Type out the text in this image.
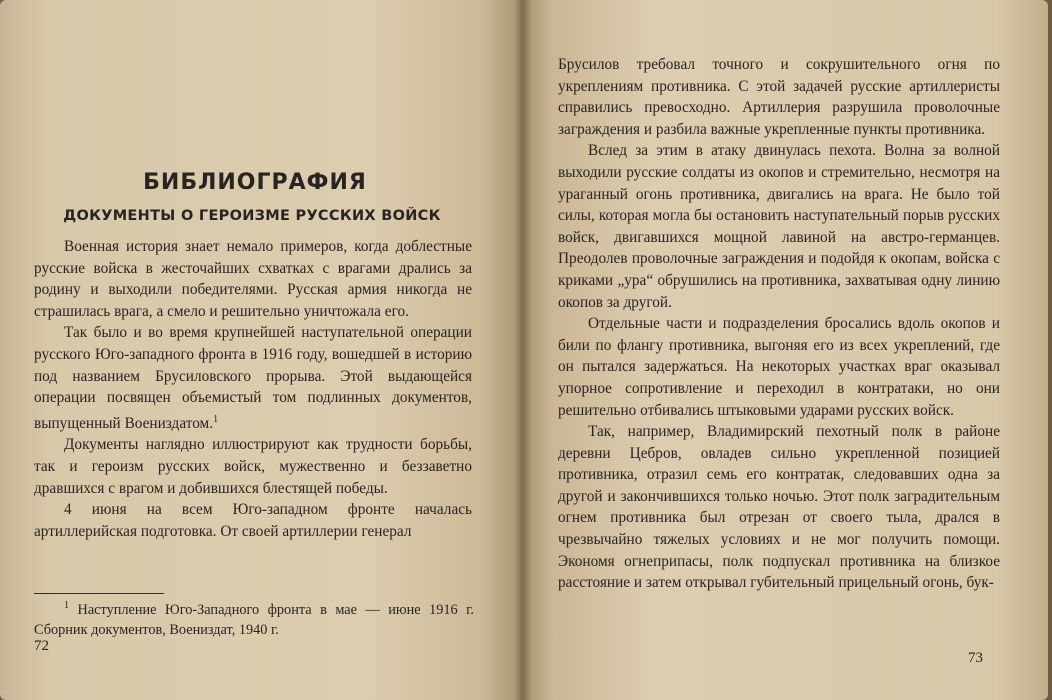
БИБЛИОГРАФИЯ
ДОКУМЕНТЫ О ГЕРОИЗМЕ РУССКИХ ВОЙСК

Военная история знает немало примеров, когда доблестные русские войска в жесточайших схватках с врагами дрались за родину и выходили победителями. Русская армия никогда не страшилась врага, а смело и решительно уничтожала его.

Так было и во время крупнейшей наступательной операции русского Юго-западного фронта в 1916 году, вошедшей в историю под названием Брусиловского прорыва. Этой выдающейся операции посвящен объемистый том подлинных документов, выпущенный Воениздатом.$^1$

Документы наглядно иллюстрируют как трудности борьбы, так и героизм русских войск, мужественно и беззаветно дравшихся с врагом и добившихся блестящей победы.

4 июня на всем Юго-западном фронте началась артиллерийская подготовка. От своей артиллерии генерал

$^1$ Наступление Юго-Западного фронта в мае — июне 1916 г. Сборник документов, Воениздат, 1940 г.
72

Брусилов требовал точного и сокрушительного огня по укреплениям противника. С этой задачей русские артиллеристы справились превосходно. Артиллерия разрушила проволочные заграждения и разбила важные укрепленные пункты противника.

Вслед за этим в атаку двинулась пехота. Волна за волной выходили русские солдаты из окопов и стремительно, несмотря на ураганный огонь противника, двигались на врага. Не было той силы, которая могла бы остановить наступательный порыв русских войск, двигавшихся мощной лавиной на австро-германцев. Преодолев проволочные заграждения и подойдя к окопам, войска с криками „ура“ обрушились на противника, захватывая одну линию окопов за другой.

Отдельные части и подразделения бросались вдоль окопов и били по флангу противника, выгоняя его из всех укреплений, где он пытался задержаться. На некоторых участках враг оказывал упорное сопротивление и переходил в контратаки, но они решительно отбивались штыковыми ударами русских войск.

Так, например, Владимирский пехотный полк в районе деревни Цебров, овладев сильно укрепленной позицией противника, отразил семь его контратак, следовавших одна за другой и закончившихся только ночью. Этот полк заградительным огнем противника был отрезан от своего тыла, дрался в чрезвычайно тяжелых условиях и не мог получить помощи. Экономя огнеприпасы, полк подпускал противника на близкое расстояние и затем открывал губительный прицельный огонь, бук-

73
